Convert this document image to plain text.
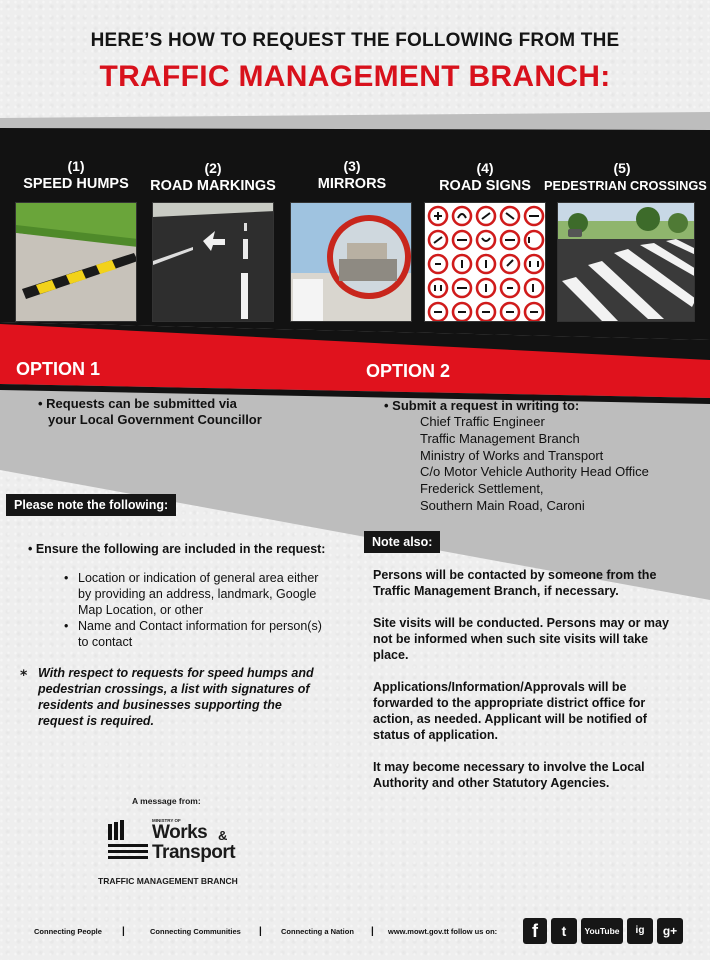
HERE’S HOW TO REQUEST THE FOLLOWING FROM THE
TRAFFIC MANAGEMENT BRANCH:
(1)
SPEED HUMPS
(2)
ROAD MARKINGS
(3)
MIRRORS
(4)
ROAD SIGNS
(5)
PEDESTRIAN CROSSINGS
OPTION 1	OPTION 2
• Requests can be submitted via
your Local Government Councillor
• Submit a request in writing to:
Chief Traffic Engineer
Traffic Management Branch
Ministry of Works and Transport
C/o Motor Vehicle Authority Head Office
Frederick Settlement,
Southern Main Road, Caroni
Please note the following:
• Ensure the following are included in the request:
• Location or indication of general area either
by providing an address, landmark, Google
Map Location, or other
• Name and Contact information for person(s)
to contact
⁎ With respect to requests for speed humps and
pedestrian crossings, a list with signatures of
residents and businesses supporting the
request is required.
Note also:
Persons will be contacted by someone from the
Traffic Management Branch, if necessary.
Site visits will be conducted. Persons may or may
not be informed when such site visits will take
place.
Applications/Information/Approvals will be
forwarded to the appropriate district office for
action, as needed. Applicant will be notified of
status of application.
It may become necessary to involve the Local
Authority and other Statutory Agencies.
A message from:
MINISTRY OF
Works &
Transport
TRAFFIC MANAGEMENT BRANCH
Connecting People |	Connecting Communities |	Connecting a Nation | www.mowt.gov.tt follow us on:	f	t	YouTube	ig	g+
